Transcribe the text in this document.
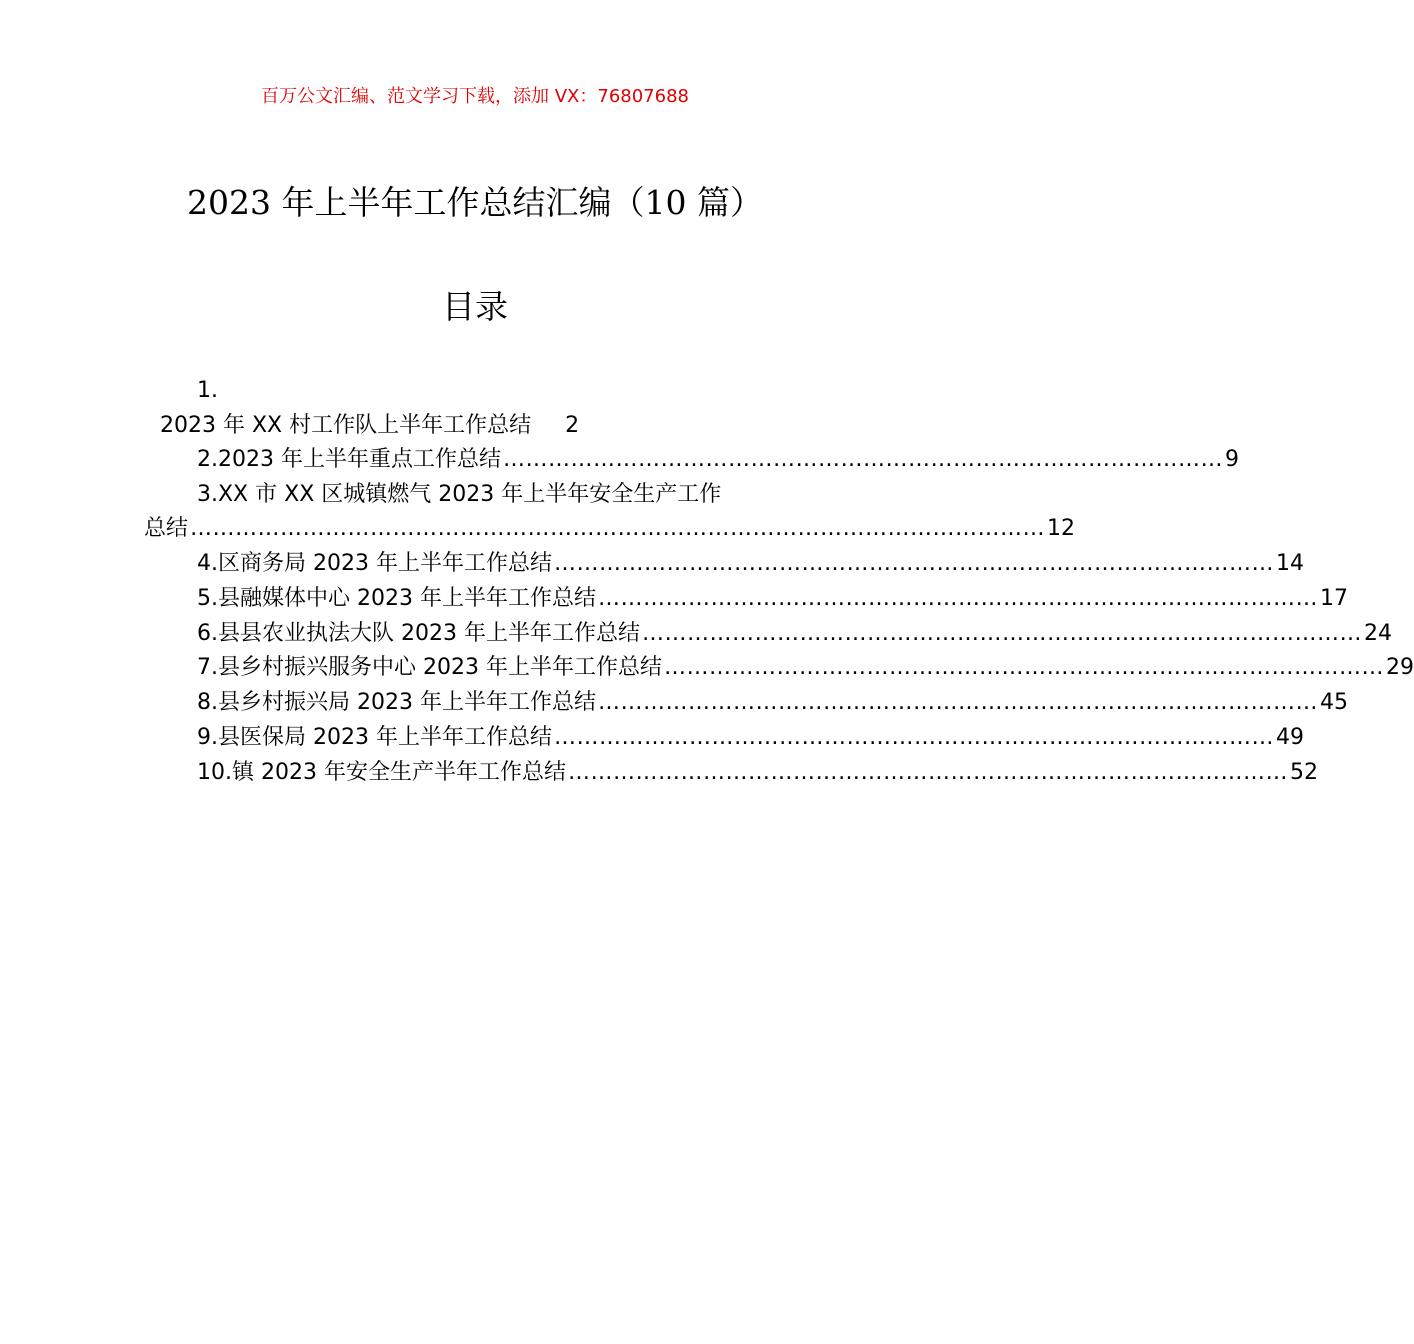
百万公文汇编、范文学习下载，添加 VX：76807688
2023 年上半年工作总结汇编（10 篇）
目录
1.
2023 年 XX 村工作队上半年工作总结 2
2.2023 年上半年重点工作总结 …………………………………………………………………………………… 9
3.XX 市 XX 区城镇燃气 2023 年上半年安全生产工作
总结 …………………………………………………………………………………………………… 12
4.区商务局 2023 年上半年工作总结 …………………………………………………………………………………… 14
5.县融媒体中心 2023 年上半年工作总结 …………………………………………………………………………………… 17
6.县县农业执法大队 2023 年上半年工作总结 …………………………………………………………………………………… 24
7.县乡村振兴服务中心 2023 年上半年工作总结 …………………………………………………………………………………… 29
8.县乡村振兴局 2023 年上半年工作总结 …………………………………………………………………………………… 45
9.县医保局 2023 年上半年工作总结 …………………………………………………………………………………… 49
10.镇 2023 年安全生产半年工作总结 …………………………………………………………………………………… 52
